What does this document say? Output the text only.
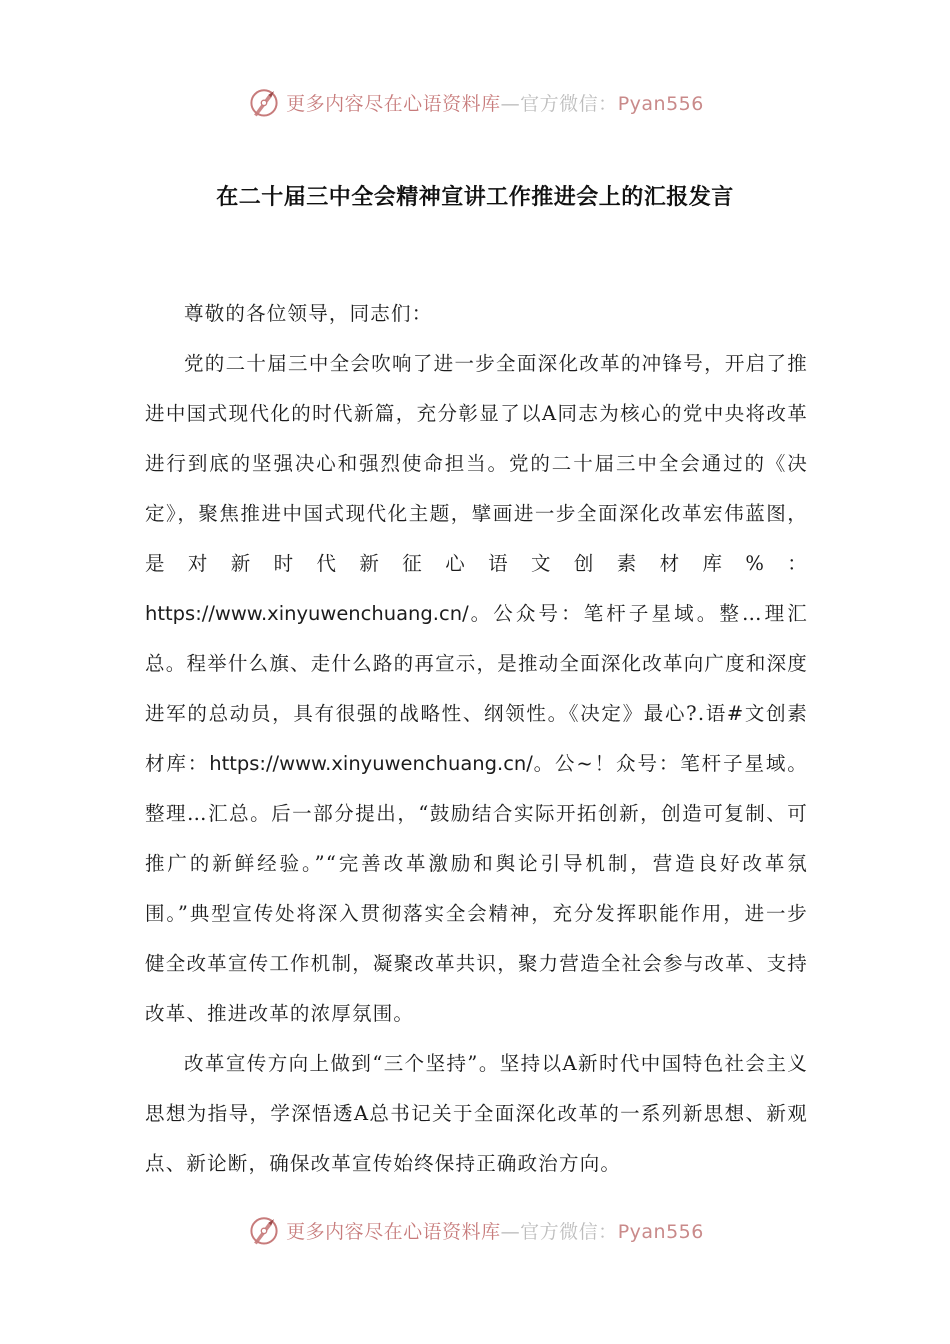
更多内容尽在心语资料库—官方微信：Pyan556
在二十届三中全会精神宣讲工作推进会上的汇报发言

尊敬的各位领导，同志们：

党的二十届三中全会吹响了进一步全面深化改革的冲锋号，开启了推进中国式现代化的时代新篇，充分彰显了以A同志为核心的党中央将改革进行到底的坚强决心和强烈使命担当。党的二十届三中全会通过的《决定》，聚焦推进中国式现代化主题，擘画进一步全面深化改革宏伟蓝图，是对新时代新征心语文创素材库%：https://www.xinyuwenchuang.cn/。公众号：笔杆子星域。整…理汇总。程举什么旗、走什么路的再宣示，是推动全面深化改革向广度和深度进军的总动员，具有很强的战略性、纲领性。《决定》最心?.语#文创素材库：https://www.xinyuwenchuang.cn/。公~！众号：笔杆子星域。整理…汇总。后一部分提出，“鼓励结合实际开拓创新，创造可复制、可推广的新鲜经验。”“完善改革激励和舆论引导机制，营造良好改革氛围。”典型宣传处将深入贯彻落实全会精神，充分发挥职能作用，进一步健全改革宣传工作机制，凝聚改革共识，聚力营造全社会参与改革、支持改革、推进改革的浓厚氛围。

改革宣传方向上做到“三个坚持”。坚持以A新时代中国特色社会主义思想为指导，学深悟透A总书记关于全面深化改革的一系列新思想、新观点、新论断，确保改革宣传始终保持正确政治方向。

更多内容尽在心语资料库—官方微信：Pyan556
